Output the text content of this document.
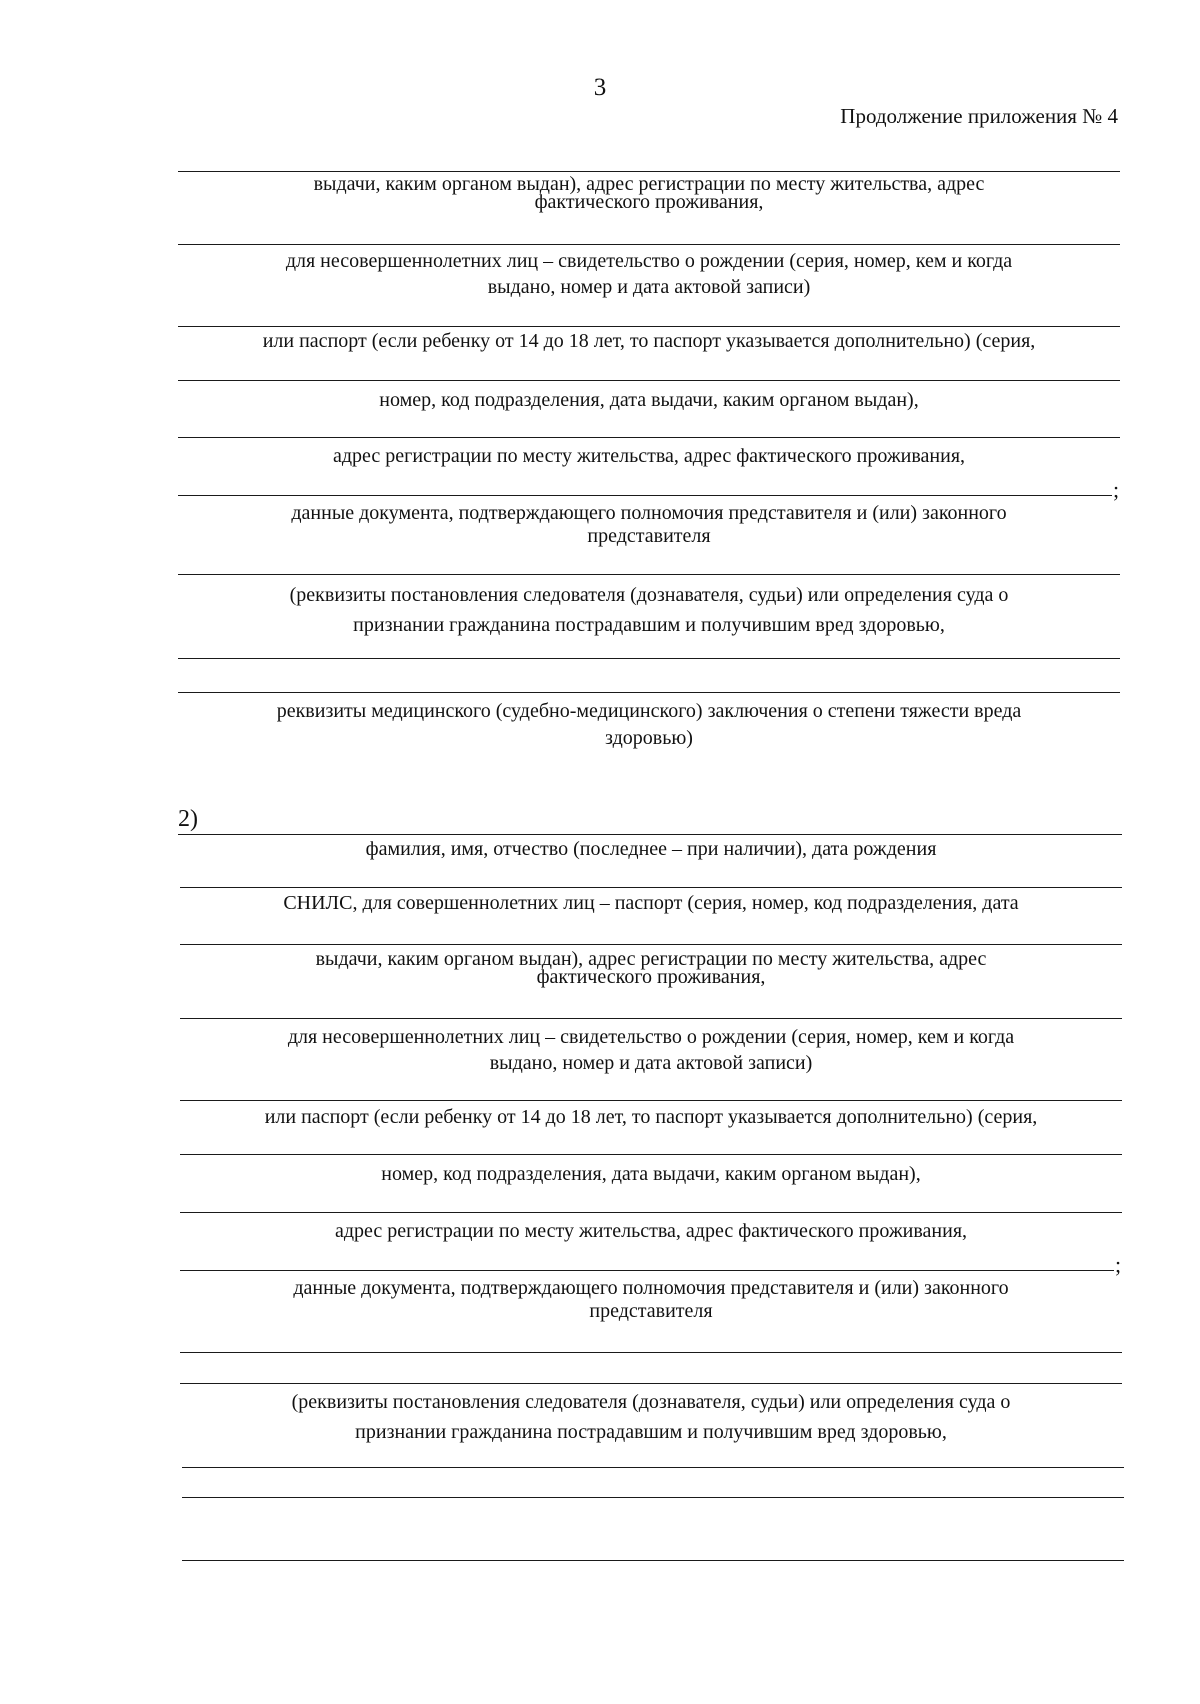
3
Продолжение приложения № 4
выдачи, каким органом выдан), адрес регистрации по месту жительства, адрес
фактического проживания,
для несовершеннолетних лиц – свидетельство о рождении (серия, номер, кем и когда
выдано, номер и дата актовой записи)
или паспорт (если ребенку от 14 до 18 лет, то паспорт указывается дополнительно) (серия,
номер, код подразделения, дата выдачи, каким органом выдан),
адрес регистрации по месту жительства, адрес фактического проживания,
;
данные документа, подтверждающего полномочия представителя и (или) законного
представителя
(реквизиты постановления следователя (дознавателя, судьи) или определения суда о
признании гражданина пострадавшим и получившим вред здоровью,
реквизиты медицинского (судебно-медицинского) заключения о степени тяжести вреда
здоровью)
2)
фамилия, имя, отчество (последнее – при наличии), дата рождения
СНИЛС, для совершеннолетних лиц – паспорт (серия, номер, код подразделения, дата
выдачи, каким органом выдан), адрес регистрации по месту жительства, адрес
фактического проживания,
для несовершеннолетних лиц – свидетельство о рождении (серия, номер, кем и когда
выдано, номер и дата актовой записи)
или паспорт (если ребенку от 14 до 18 лет, то паспорт указывается дополнительно) (серия,
номер, код подразделения, дата выдачи, каким органом выдан),
адрес регистрации по месту жительства, адрес фактического проживания,
;
данные документа, подтверждающего полномочия представителя и (или) законного
представителя
(реквизиты постановления следователя (дознавателя, судьи) или определения суда о
признании гражданина пострадавшим и получившим вред здоровью,
